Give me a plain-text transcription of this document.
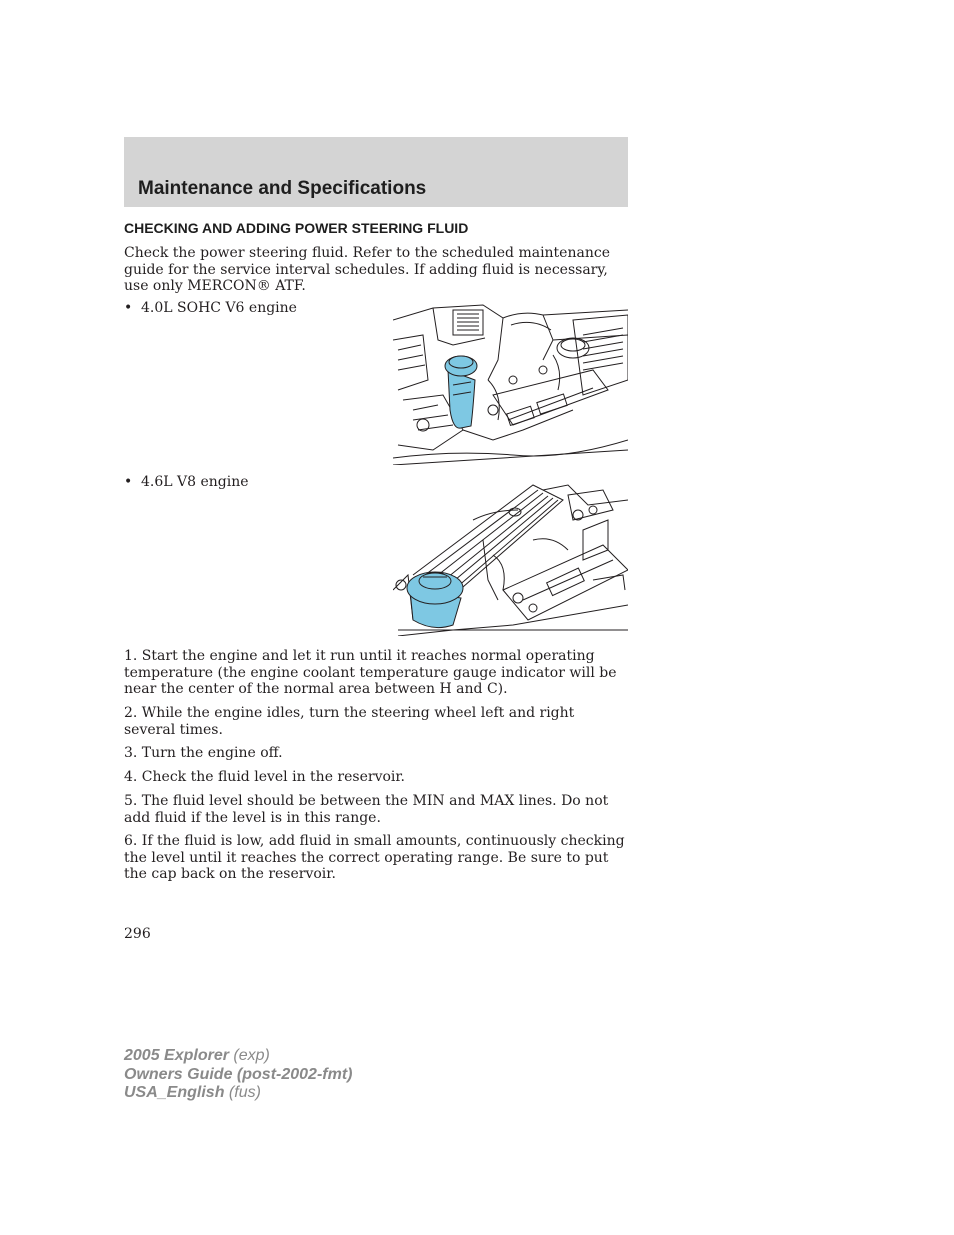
Maintenance and Specifications
CHECKING AND ADDING POWER STEERING FLUID

Check the power steering fluid. Refer to the scheduled maintenance guide for the service interval schedules. If adding fluid is necessary, use only MERCON® ATF.

• 4.0L SOHC V6 engine

• 4.6L V8 engine

1. Start the engine and let it run until it reaches normal operating temperature (the engine coolant temperature gauge indicator will be near the center of the normal area between H and C).

2. While the engine idles, turn the steering wheel left and right several times.

3. Turn the engine off.

4. Check the fluid level in the reservoir.

5. The fluid level should be between the MIN and MAX lines. Do not add fluid if the level is in this range.

6. If the fluid is low, add fluid in small amounts, continuously checking the level until it reaches the correct operating range. Be sure to put the cap back on the reservoir.

296
2005 Explorer (exp)
Owners Guide (post-2002-fmt)
USA_English (fus)
